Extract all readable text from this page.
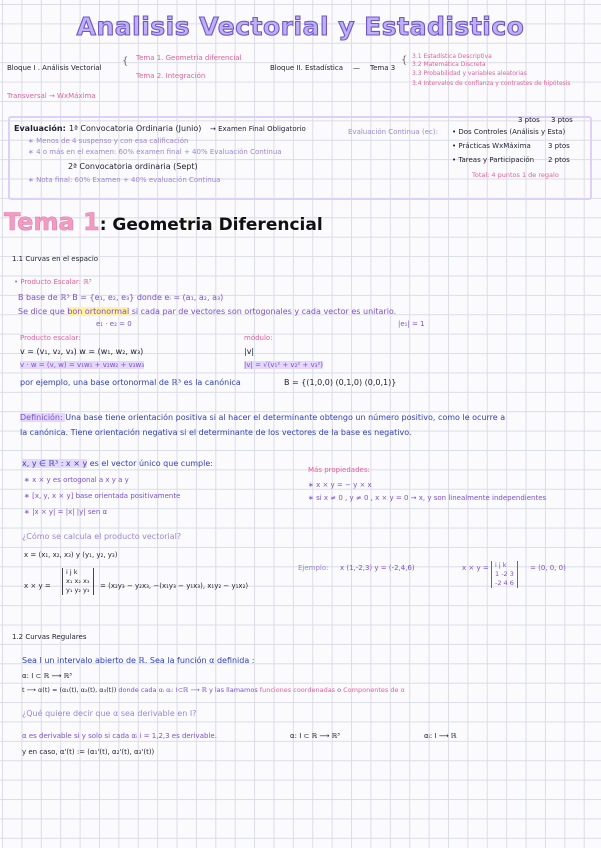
Analisis Vectorial y Estadistico
Bloque I . Análisis Vectorial
{ Tema 1. Geometría diferencial
Tema 2. Integración
Bloque II. Estadística — Tema 3
{ 3.1 Estadística Descriptiva
3.2 Matemática Discreta
3.3 Probabilidad y variables aleatorias
3.4 Intervalos de confianza y contrastes de hipótesis
Transversal → WxMáxima
Evaluación: 1ª Convocatoria Ordinaria (Junio) → Examen Final Obligatorio
∗ Menos de 4 suspenso y con esa calificación
∗ 4 o más en el examen: 60% examen final + 40% Evaluación Continua
2ª Convocatoria ordinaria (Sept)
∗ Nota final: 60% Examen + 40% evaluación Continua
Evaluación Continua (ec):
3 ptos 3 ptos
• Dos Controles (Análisis y Esta)
• Prácticas WxMáxima 3 ptos
• Tareas y Participación 2 ptos
Total: 4 puntos 1 de regalo
Tema 1: Geometria Diferencial
1.1 Curvas en el espacio
• Producto Escalar: ℝ³
B base de ℝ³ B = {e₁, e₂, e₃} donde eᵢ = (a₁, a₂, a₃)
Se dice que bon ortonormal si cada par de vectores son ortogonales y cada vector es unitario.
e₁ · e₂ = 0	|e₁| = 1
Producto escalar:	módulo:
v = (v₁, v₂, v₃) w = (w₁, w₂, w₃)	|v|
v · w = (v, w) = v₁w₁ + v₂w₂ + v₃w₃	|v| = √(v₁² + v₂² + v₃²)
por ejemplo, una base ortonormal de ℝ³ es la canónica	B = {(1,0,0) (0,1,0) (0,0,1)}
Definición: Una base tiene orientación positiva si al hacer el determinante obtengo un número positivo, como le ocurre a
la canónica. Tiene orientación negativa si el determinante de los vectores de la base es negativo.
x, y ∈ ℝ³ : x × y es el vector único que cumple:
∗ x × y es ortogonal a x y a y
∗ [x, y, x × y] base orientada positivamente
∗ |x × y| = |x| |y| sen α
Más propiedades:
∗ x × y = − y × x
∗ si x ≠ 0 , y ≠ 0 , x × y = 0 → x, y son linealmente independientes
¿Cómo se calcula el producto vectorial?
x = (x₁, x₂, x₃) y (y₁, y₂, y₃)
x × y =
i j k
x₁ x₂ x₃
y₁ y₂ y₃ = (x₂y₃ − y₂x₃, −(x₁y₃ − y₁x₃), x₁y₂ − y₁x₂)
Ejemplo: x (1,-2,3) y = (-2,4,6)	x × y = i j k
1 -2 3
-2 4 6
= (0, 0, 0)
1.2 Curvas Regulares
Sea I un intervalo abierto de ℝ. Sea la función α definida :
α: I ⊂ ℝ ⟶ ℝ³
t ⟶ α(t) = (α₁(t), α₂(t), α₃(t)) donde cada αᵢ αᵢ: I⊂ℝ ⟶ ℝ y las llamamos funciones coordenadas o Componentes de α
¿Qué quiere decir que α sea derivable en I?
α es derivable si y solo si cada αᵢ i = 1,2,3 es derivable.	α: I ⊂ ℝ ⟶ ℝ³	αᵢ: I ⟶ ℝ
y en caso, α'(t) := (α₁'(t), α₂'(t), α₃'(t))
